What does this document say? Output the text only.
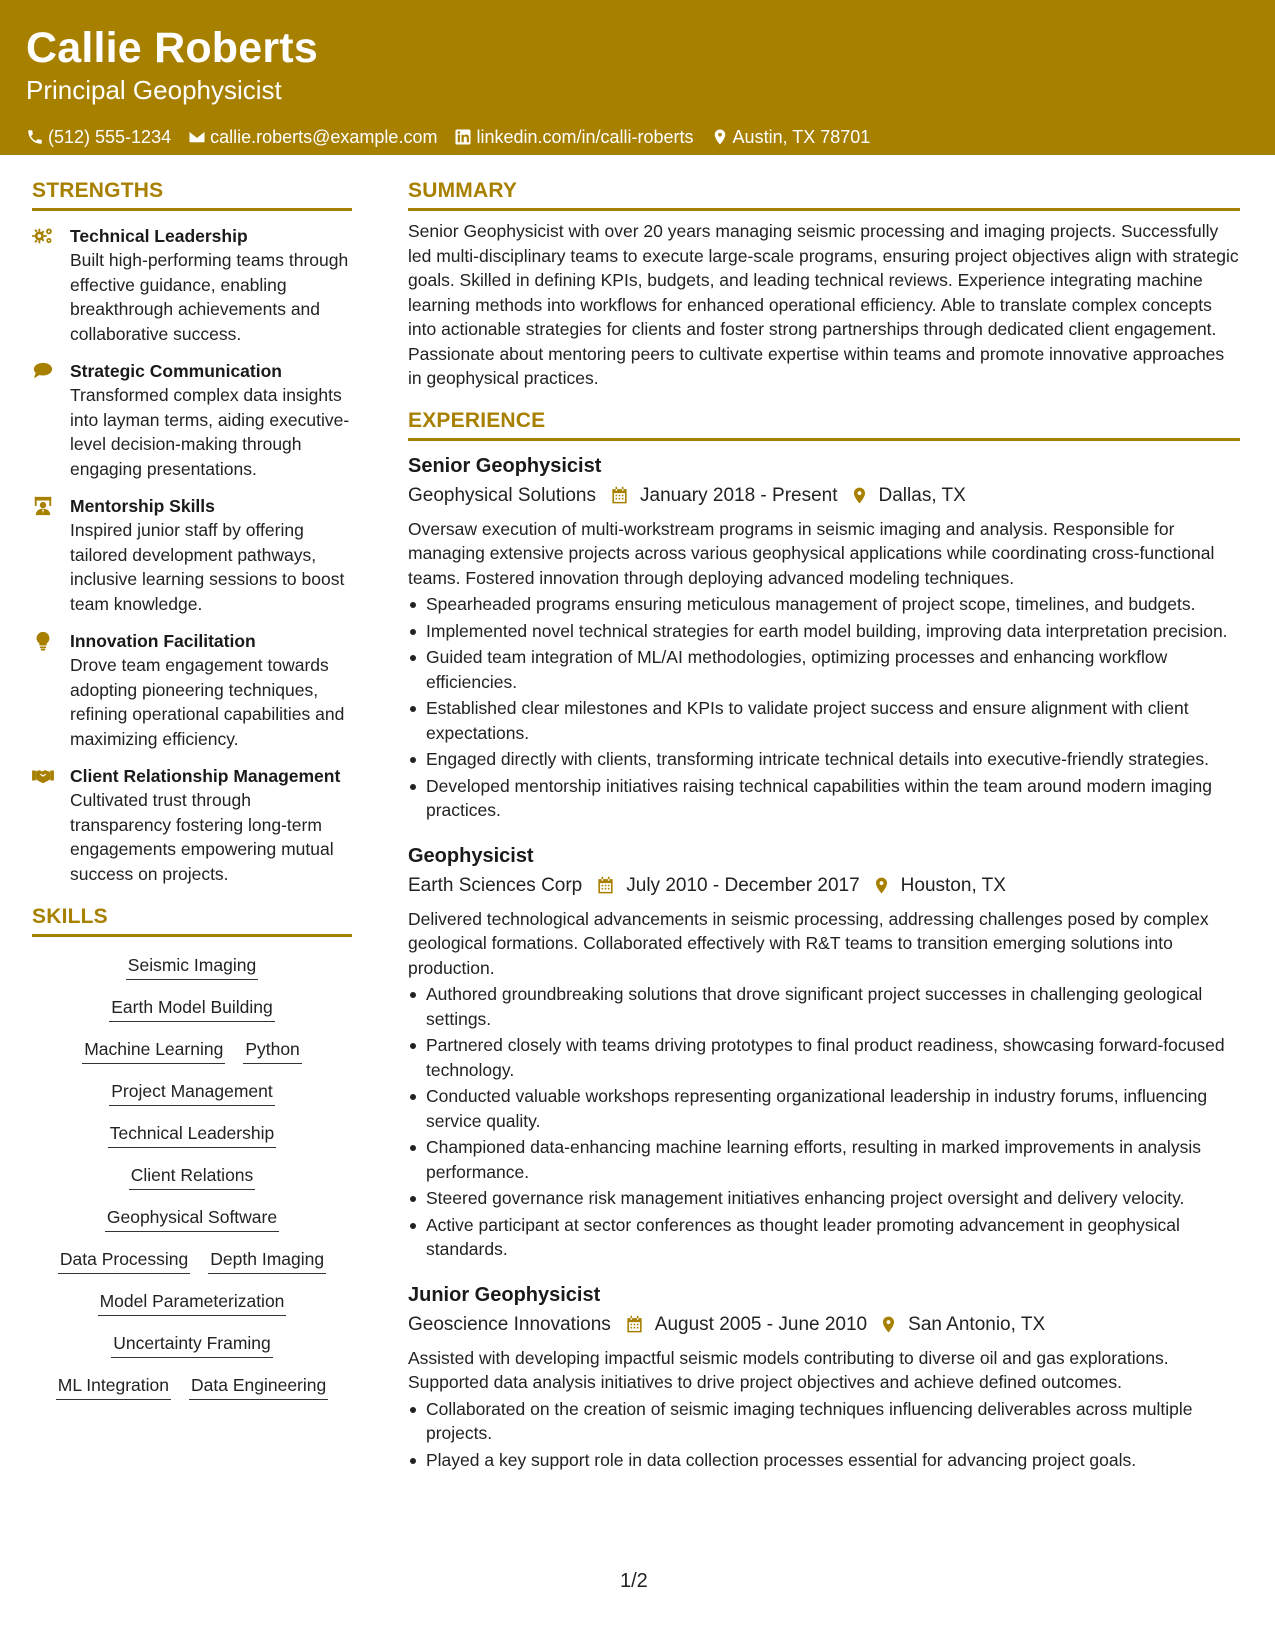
Callie Roberts
Principal Geophysicist
(512) 555-1234 callie.roberts@example.com linkedin.com/in/calli-roberts Austin, TX 78701
STRENGTHS
Technical Leadership
Built high-performing teams through effective guidance, enabling breakthrough achievements and collaborative success.
Strategic Communication
Transformed complex data insights into layman terms, aiding executive-level decision-making through engaging presentations.
Mentorship Skills
Inspired junior staff by offering tailored development pathways, inclusive learning sessions to boost team knowledge.
Innovation Facilitation
Drove team engagement towards adopting pioneering techniques, refining operational capabilities and maximizing efficiency.
Client Relationship Management
Cultivated trust through transparency fostering long-term engagements empowering mutual success on projects.
SKILLS
Seismic Imaging
Earth Model Building
Machine Learning Python
Project Management
Technical Leadership
Client Relations
Geophysical Software
Data Processing Depth Imaging
Model Parameterization
Uncertainty Framing
ML Integration Data Engineering
SUMMARY
Senior Geophysicist with over 20 years managing seismic processing and imaging projects. Successfully led multi-disciplinary teams to execute large-scale programs, ensuring project objectives align with strategic goals. Skilled in defining KPIs, budgets, and leading technical reviews. Experience integrating machine learning methods into workflows for enhanced operational efficiency. Able to translate complex concepts into actionable strategies for clients and foster strong partnerships through dedicated client engagement. Passionate about mentoring peers to cultivate expertise within teams and promote innovative approaches in geophysical practices.
EXPERIENCE
Senior Geophysicist
Geophysical Solutions January 2018 - Present Dallas, TX
Oversaw execution of multi-workstream programs in seismic imaging and analysis. Responsible for managing extensive projects across various geophysical applications while coordinating cross-functional teams. Fostered innovation through deploying advanced modeling techniques.
Spearheaded programs ensuring meticulous management of project scope, timelines, and budgets.
Implemented novel technical strategies for earth model building, improving data interpretation precision.
Guided team integration of ML/AI methodologies, optimizing processes and enhancing workflow efficiencies.
Established clear milestones and KPIs to validate project success and ensure alignment with client expectations.
Engaged directly with clients, transforming intricate technical details into executive-friendly strategies.
Developed mentorship initiatives raising technical capabilities within the team around modern imaging practices.
Geophysicist
Earth Sciences Corp July 2010 - December 2017 Houston, TX
Delivered technological advancements in seismic processing, addressing challenges posed by complex geological formations. Collaborated effectively with R&T teams to transition emerging solutions into production.
Authored groundbreaking solutions that drove significant project successes in challenging geological settings.
Partnered closely with teams driving prototypes to final product readiness, showcasing forward-focused technology.
Conducted valuable workshops representing organizational leadership in industry forums, influencing service quality.
Championed data-enhancing machine learning efforts, resulting in marked improvements in analysis performance.
Steered governance risk management initiatives enhancing project oversight and delivery velocity.
Active participant at sector conferences as thought leader promoting advancement in geophysical standards.
Junior Geophysicist
Geoscience Innovations August 2005 - June 2010 San Antonio, TX
Assisted with developing impactful seismic models contributing to diverse oil and gas explorations. Supported data analysis initiatives to drive project objectives and achieve defined outcomes.
Collaborated on the creation of seismic imaging techniques influencing deliverables across multiple projects.
Played a key support role in data collection processes essential for advancing project goals.
1/2
